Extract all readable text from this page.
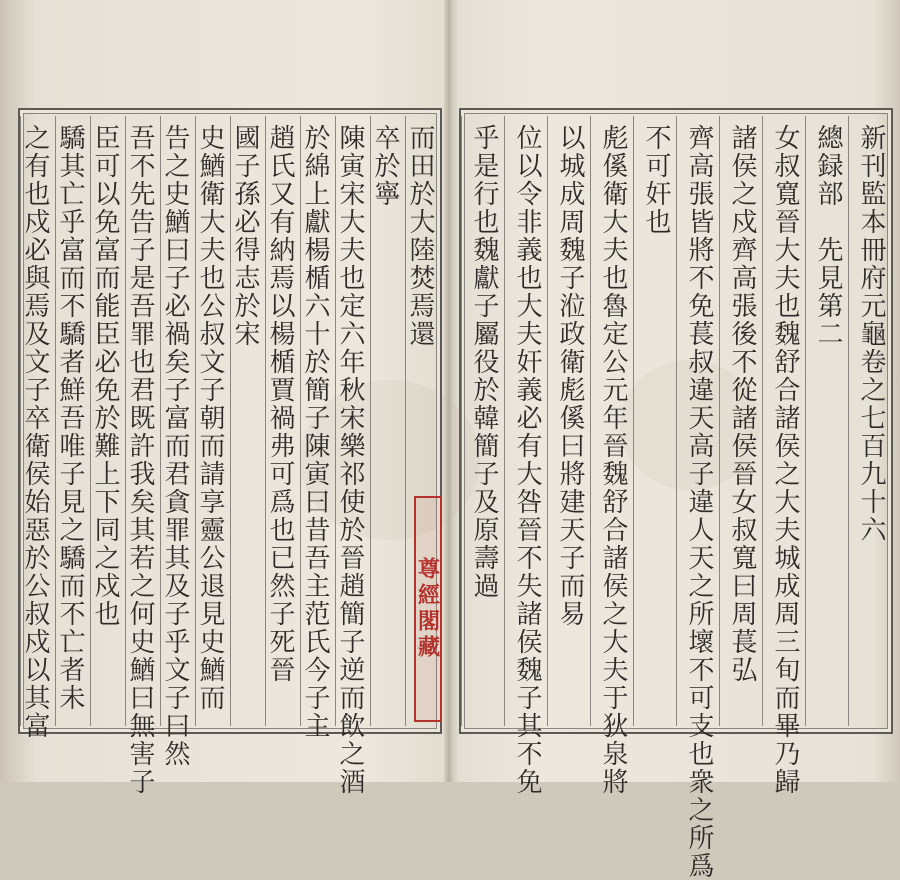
而田於大陸焚焉還
卒於寧
陳寅宋大夫也定六年秋宋樂祁使於晉趙簡子逆而飲之酒
於綿上獻楊楯六十於簡子陳寅曰昔吾主范氏今子主
趙氏又有納焉以楊楯賈禍弗可爲也已然子死晉
國子孫必得志於宋
史鰌衛大夫也公叔文子朝而請享靈公退見史鰌而
告之史鰌曰子必禍矣子富而君貪罪其及子乎文子曰然
吾不先告子是吾罪也君既許我矣其若之何史鰌曰無害子
臣可以免富而能臣必免於難上下同之戍也
驕其亡乎富而不驕者鮮吾唯子見之驕而不亡者未
之有也戍必與焉及文子卒衛侯始惡於公叔戍以其富	新刊監本冊府元龜卷之七百九十六
總録部　先見第二
女叔寬晉大夫也魏舒合諸侯之大夫城成周三旬而畢乃歸
諸侯之戍齊高張後不從諸侯晉女叔寬曰周萇弘
齊高張皆將不免萇叔違天高子違人天之所壞不可支也衆之所爲
不可奸也
彪傒衛大夫也魯定公元年晉魏舒合諸侯之大夫于狄泉將
以城成周魏子涖政衛彪傒曰將建天子而易
位以令非義也大夫奸義必有大咎晉不失諸侯魏子其不免
乎是行也魏獻子屬役於韓簡子及原壽過
尊經閣藏
